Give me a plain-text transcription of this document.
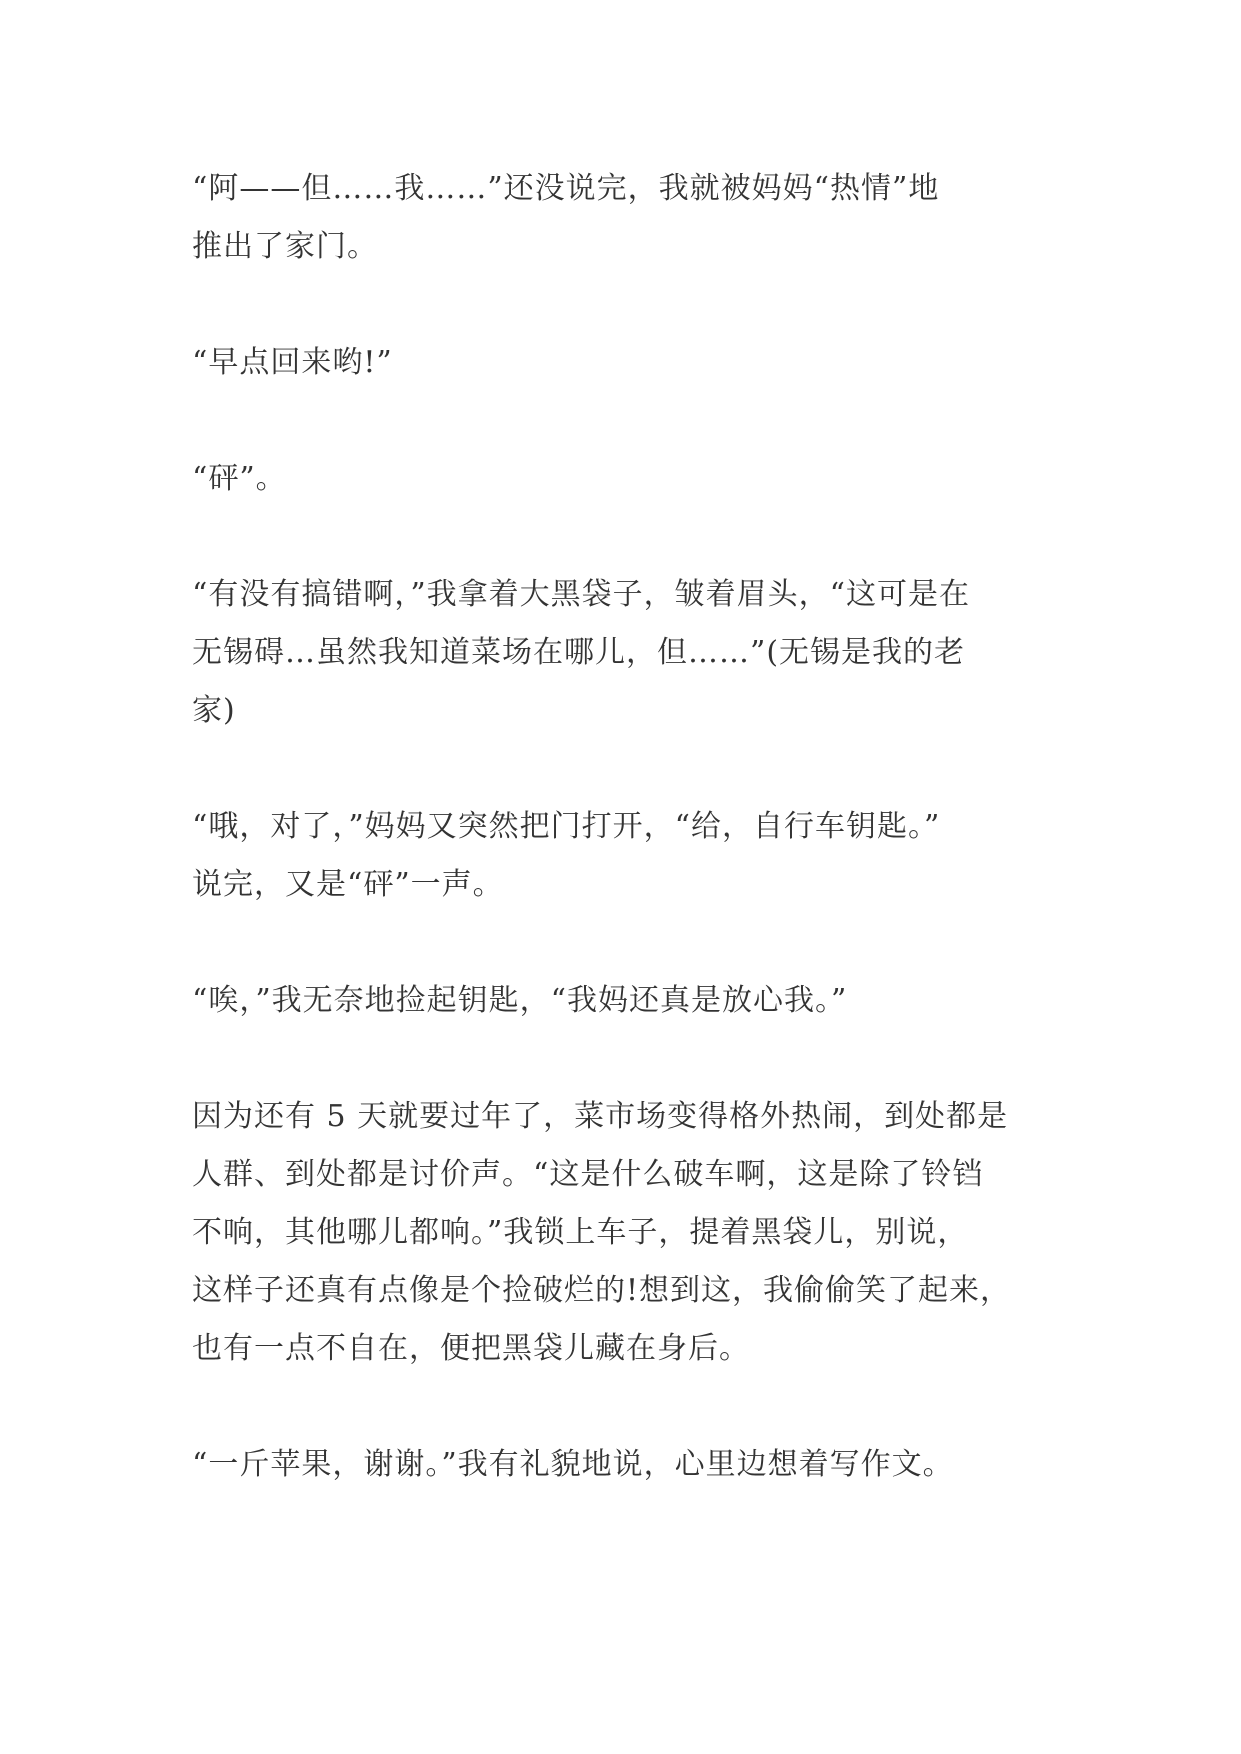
“阿——但……我……”还没说完，我就被妈妈“热情”地
推出了家门。

“早点回来哟!”

“砰”。

“有没有搞错啊，”我拿着大黑袋子，皱着眉头，“这可是在
无锡碍…虽然我知道菜场在哪儿，但……”(无锡是我的老
家)

“哦，对了，”妈妈又突然把门打开，“给，自行车钥匙。”
说完，又是“砰”一声。

“唉，”我无奈地捡起钥匙，“我妈还真是放心我。”

因为还有 5 天就要过年了，菜市场变得格外热闹，到处都是
人群、到处都是讨价声。“这是什么破车啊，这是除了铃铛
不响，其他哪儿都响。”我锁上车子，提着黑袋儿，别说，
这样子还真有点像是个捡破烂的!想到这，我偷偷笑了起来，
也有一点不自在，便把黑袋儿藏在身后。

“一斤苹果，谢谢。”我有礼貌地说，心里边想着写作文。
